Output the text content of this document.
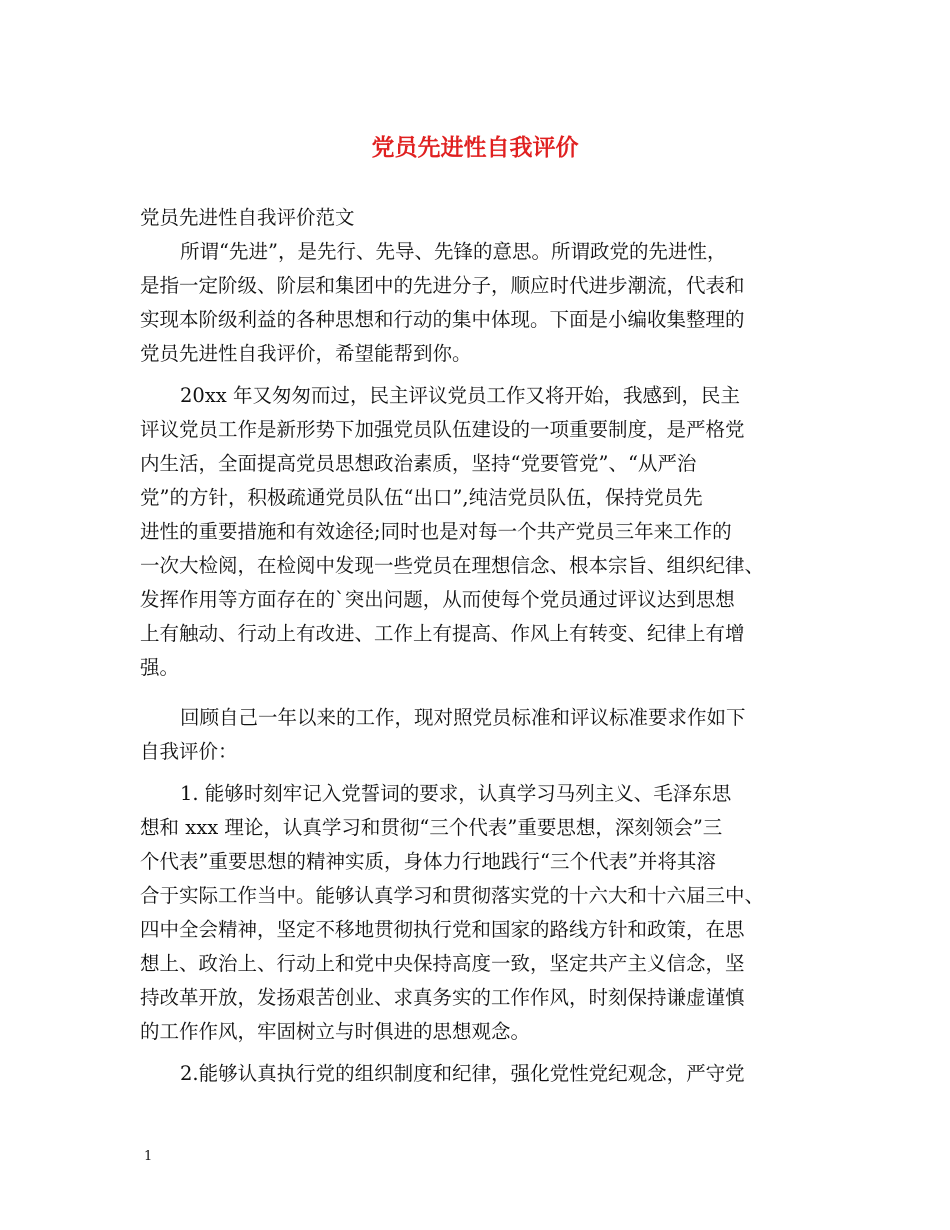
党员先进性自我评价
党员先进性自我评价范文
所谓“先进”，是先行、先导、先锋的意思。所谓政党的先进性，
是指一定阶级、阶层和集团中的先进分子，顺应时代进步潮流，代表和
实现本阶级利益的各种思想和行动的集中体现。下面是小编收集整理的
党员先进性自我评价，希望能帮到你。
20xx 年又匆匆而过，民主评议党员工作又将开始，我感到，民主
评议党员工作是新形势下加强党员队伍建设的一项重要制度，是严格党
内生活，全面提高党员思想政治素质，坚持“党要管党”、“从严治
党”的方针，积极疏通党员队伍“出口”,纯洁党员队伍，保持党员先
进性的重要措施和有效途径;同时也是对每一个共产党员三年来工作的
一次大检阅，在检阅中发现一些党员在理想信念、根本宗旨、组织纪律、
发挥作用等方面存在的`突出问题，从而使每个党员通过评议达到思想
上有触动、行动上有改进、工作上有提高、作风上有转变、纪律上有增
强。
回顾自己一年以来的工作，现对照党员标准和评议标准要求作如下
自我评价：
1. 能够时刻牢记入党誓词的要求，认真学习马列主义、毛泽东思
想和 xxx 理论，认真学习和贯彻“三个代表”重要思想，深刻领会”三
个代表”重要思想的精神实质，身体力行地践行“三个代表”并将其溶
合于实际工作当中。能够认真学习和贯彻落实党的十六大和十六届三中、
四中全会精神，坚定不移地贯彻执行党和国家的路线方针和政策，在思
想上、政治上、行动上和党中央保持高度一致，坚定共产主义信念，坚
持改革开放，发扬艰苦创业、求真务实的工作作风，时刻保持谦虚谨慎
的工作作风，牢固树立与时俱进的思想观念。
2.能够认真执行党的组织制度和纪律，强化党性党纪观念，严守党
1
